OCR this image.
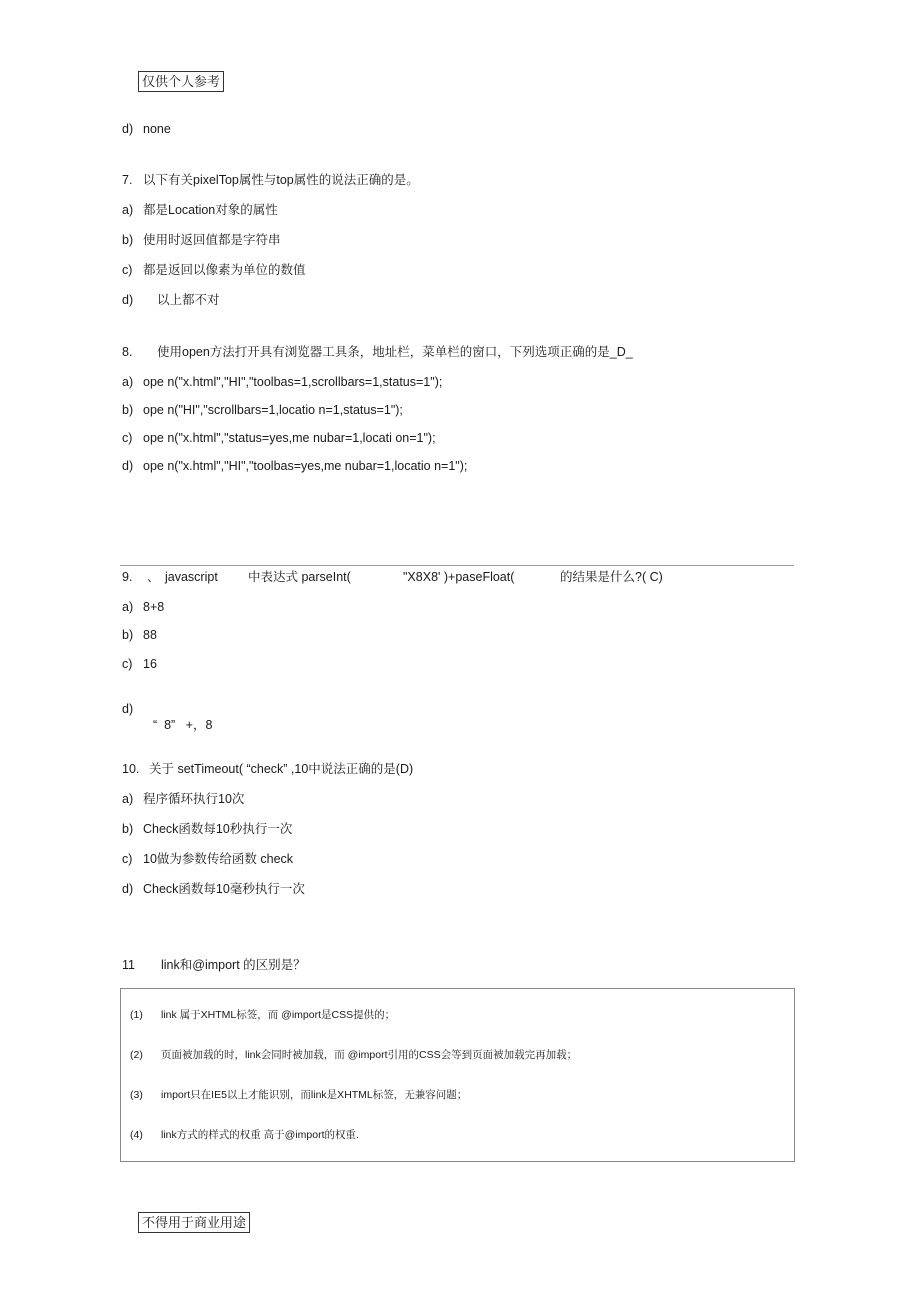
仅供个人参考
d) none
7. 以下有关pixelTop属性与top属性的说法正确的是。
a) 都是Location对象的属性
b) 使用时返回值都是字符串
c) 都是返回以像素为单位的数值
d) 以上都不对
8. 使用open方法打开具有浏览器工具条，地址栏，菜单栏的窗口，下列选项正确的是_D_
a) ope n("x.html","HI","toolbas=1,scrollbars=1,status=1");
b) ope n("HI","scrollbars=1,locatio n=1,status=1");
c) ope n("x.html","status=yes,me nubar=1,locati on=1");
d) ope n("x.html","HI","toolbas=yes,me nubar=1,locatio n=1");
9. 、 javascript 中表达式 parseInt(	"X8X8' )+paseFloat(	的结果是什么?( C)
a) 8+8
b) 88
c) 16

d)

“  8”   +，8

10. 关于 setTimeout( “check” ,10中说法正确的是(D)
a) 程序循环执行10次
b) Check函数每10秒执行一次
c) 10做为参数传给函数 check
d) Check函数每10毫秒执行一次
11 link和@import 的区别是？
(1) link 属于XHTML标签，而 @import是CSS提供的；
(2) 页面被加载的时，link会同时被加载，而 @import引用的CSS会等到页面被加载完再加载；
(3) import只在IE5以上才能识别，而link是XHTML标签，无兼容问题；
(4) link方式的样式的权重 高于@import的权重.
不得用于商业用途
